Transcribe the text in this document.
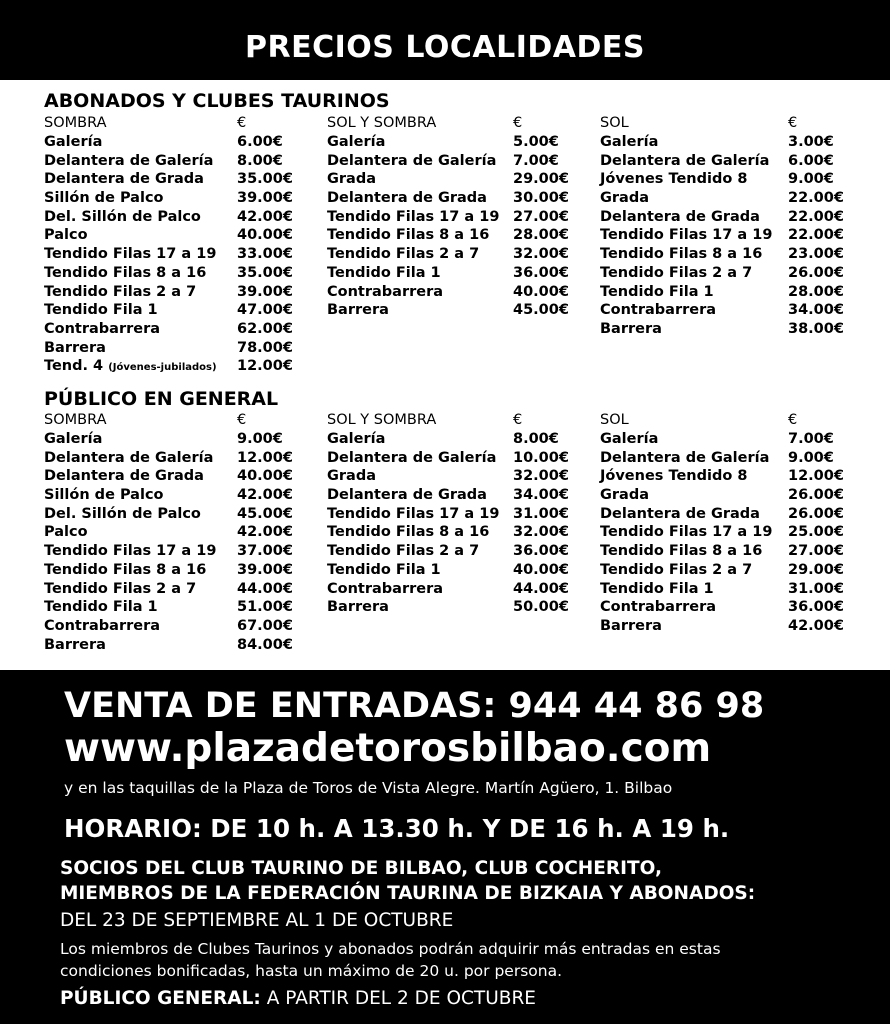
PRECIOS LOCALIDADES
ABONADOS Y CLUBES TAURINOS
SOMBRA	€
Galería	6.00€
Delantera de Galería 8.00€
Delantera de Grada 35.00€
Sillón de Palco	39.00€
Del. Sillón de Palco 42.00€
Palco	40.00€
Tendido Filas 17 a 19 33.00€
Tendido Filas 8 a 16 35.00€
Tendido Filas 2 a 7	39.00€
Tendido Fila 1	47.00€
Contrabarrera	62.00€
Barrera	78.00€
Tend. 4 (Jóvenes-jubilados) 12.00€
SOL Y SOMBRA	€
Galería	5.00€
Delantera de Galería 7.00€
Grada	29.00€
Delantera de Grada 30.00€
Tendido Filas 17 a 19 27.00€
Tendido Filas 8 a 16 28.00€
Tendido Filas 2 a 7 32.00€
Tendido Fila 1	36.00€
Contrabarrera	40.00€
Barrera	45.00€
SOL	€
Galería	3.00€
Delantera de Galería 6.00€
Jóvenes Tendido 8	9.00€
Grada	22.00€
Delantera de Grada 22.00€
Tendido Filas 17 a 19 22.00€
Tendido Filas 8 a 16 23.00€
Tendido Filas 2 a 7 26.00€
Tendido Fila 1	28.00€
Contrabarrera	34.00€
Barrera	38.00€
PÚBLICO EN GENERAL
SOMBRA	€
Galería	9.00€
Delantera de Galería 12.00€
Delantera de Grada 40.00€
Sillón de Palco	42.00€
Del. Sillón de Palco 45.00€
Palco	42.00€
Tendido Filas 17 a 19 37.00€
Tendido Filas 8 a 16 39.00€
Tendido Filas 2 a 7	44.00€
Tendido Fila 1	51.00€
Contrabarrera	67.00€
Barrera	84.00€
SOL Y SOMBRA	€
Galería	8.00€
Delantera de Galería 10.00€
Grada	32.00€
Delantera de Grada 34.00€
Tendido Filas 17 a 19 31.00€
Tendido Filas 8 a 16 32.00€
Tendido Filas 2 a 7 36.00€
Tendido Fila 1	40.00€
Contrabarrera	44.00€
Barrera	50.00€
SOL	€
Galería	7.00€
Delantera de Galería 9.00€
Jóvenes Tendido 8	12.00€
Grada	26.00€
Delantera de Grada 26.00€
Tendido Filas 17 a 19 25.00€
Tendido Filas 8 a 16 27.00€
Tendido Filas 2 a 7 29.00€
Tendido Fila 1	31.00€
Contrabarrera	36.00€
Barrera	42.00€
VENTA DE ENTRADAS: 944 44 86 98
www.plazadetorosbilbao.com
y en las taquillas de la Plaza de Toros de Vista Alegre. Martín Agüero, 1. Bilbao
HORARIO: DE 10 h. A 13.30 h. Y DE 16 h. A 19 h.
SOCIOS DEL CLUB TAURINO DE BILBAO, CLUB COCHERITO,
MIEMBROS DE LA FEDERACIÓN TAURINA DE BIZKAIA Y ABONADOS:
DEL 23 DE SEPTIEMBRE AL 1 DE OCTUBRE
Los miembros de Clubes Taurinos y abonados podrán adquirir más entradas en estas
condiciones bonificadas, hasta un máximo de 20 u. por persona.
PÚBLICO GENERAL: A PARTIR DEL 2 DE OCTUBRE
